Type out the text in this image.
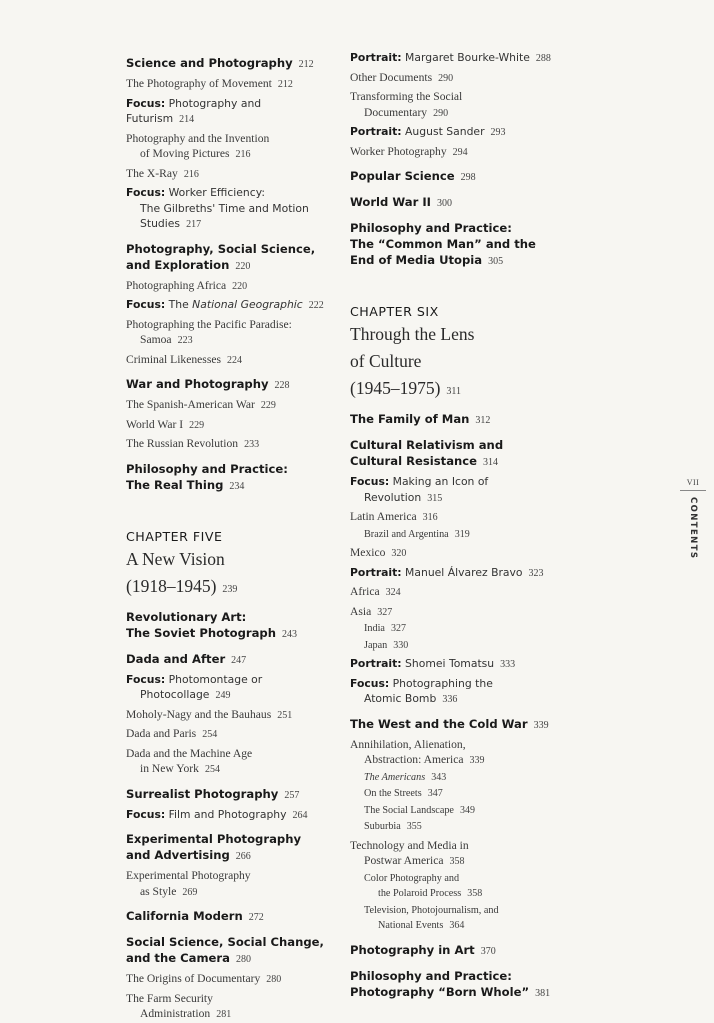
Science and Photography 212
The Photography of Movement 212
Focus: Photography and Futurism 214
Photography and the Invention
of Moving Pictures 216
The X-Ray 216
Focus: Worker Efficiency:
The Gilbreths' Time and Motion
Studies 217
Photography, Social Science,
and Exploration 220
Photographing Africa 220
Focus: The National Geographic 222
Photographing the Pacific Paradise:
Samoa 223
Criminal Likenesses 224
War and Photography 228
The Spanish-American War 229
World War I 229
The Russian Revolution 233
Philosophy and Practice:
The Real Thing 234
CHAPTER FIVE
A New Vision
(1918–1945) 239
Revolutionary Art:
The Soviet Photograph 243
Dada and After 247
Focus: Photomontage or
Photocollage 249
Moholy-Nagy and the Bauhaus 251
Dada and Paris 254
Dada and the Machine Age
in New York 254
Surrealist Photography 257
Focus: Film and Photography 264
Experimental Photography
and Advertising 266
Experimental Photography
as Style 269
California Modern 272
Social Science, Social Change,
and the Camera 280
The Origins of Documentary 280
The Farm Security
Administration 281
Portrait: Margaret Bourke-White 288
Other Documents 290
Transforming the Social
Documentary 290
Portrait: August Sander 293
Worker Photography 294
Popular Science 298
World War II 300
Philosophy and Practice:
The “Common Man” and the
End of Media Utopia 305
CHAPTER SIX
Through the Lens
of Culture
(1945–1975) 311
The Family of Man 312
Cultural Relativism and
Cultural Resistance 314
Focus: Making an Icon of
Revolution 315
Latin America 316
Brazil and Argentina 319
Mexico 320
Portrait: Manuel Álvarez Bravo 323
Africa 324
Asia 327
India 327
Japan 330
Portrait: Shomei Tomatsu 333
Focus: Photographing the
Atomic Bomb 336
The West and the Cold War 339
Annihilation, Alienation,
Abstraction: America 339
The Americans 343
On the Streets 347
The Social Landscape 349
Suburbia 355
Technology and Media in
Postwar America 358
Color Photography and
the Polaroid Process 358
Television, Photojournalism, and
National Events 364
Photography in Art 370
Philosophy and Practice:
Photography “Born Whole” 381
VII
CONTENTS
